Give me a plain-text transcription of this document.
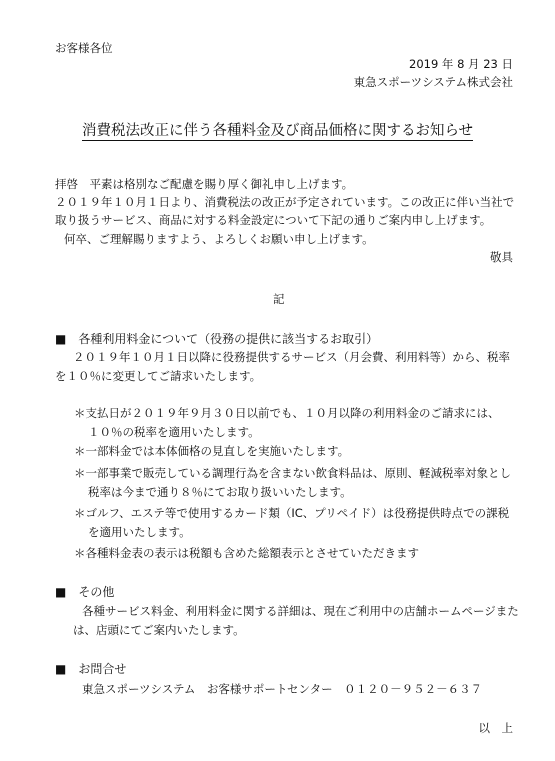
お客様各位
2019 年 8 月 23 日
東急スポーツシステム株式会社
消費税法改正に伴う各種料金及び商品価格に関するお知らせ
拝啓　平素は格別なご配慮を賜り厚く御礼申し上げます。
２０１９年１０月１日より、消費税法の改正が予定されています。この改正に伴い当社で
取り扱うサービス、商品に対する料金設定について下記の通りご案内申し上げます。
何卒、ご理解賜りますよう、よろしくお願い申し上げます。
敬具
記
■　各種利用料金について（役務の提供に該当するお取引）
２０１９年１０月１日以降に役務提供するサービス（月会費、利用料等）から、税率
を１０％に変更してご請求いたします。
＊支払日が２０１９年９月３０日以前でも、１０月以降の利用料金のご請求には、
１０％の税率を適用いたします。
＊一部料金では本体価格の見直しを実施いたします。
＊一部事業で販売している調理行為を含まない飲食料品は、原則、軽減税率対象とし
税率は今まで通り８％にてお取り扱いいたします。
＊ゴルフ、エステ等で使用するカード類（IC、プリペイド）は役務提供時点での課税
を適用いたします。
＊各種料金表の表示は税額も含めた総額表示とさせていただきます
■　その他
各種サービス料金、利用料金に関する詳細は、現在ご利用中の店舗ホームページまた
は、店頭にてご案内いたします。
■　お問合せ
東急スポーツシステム　お客様サポートセンター　０１２０－９５２－６３７
以　上
